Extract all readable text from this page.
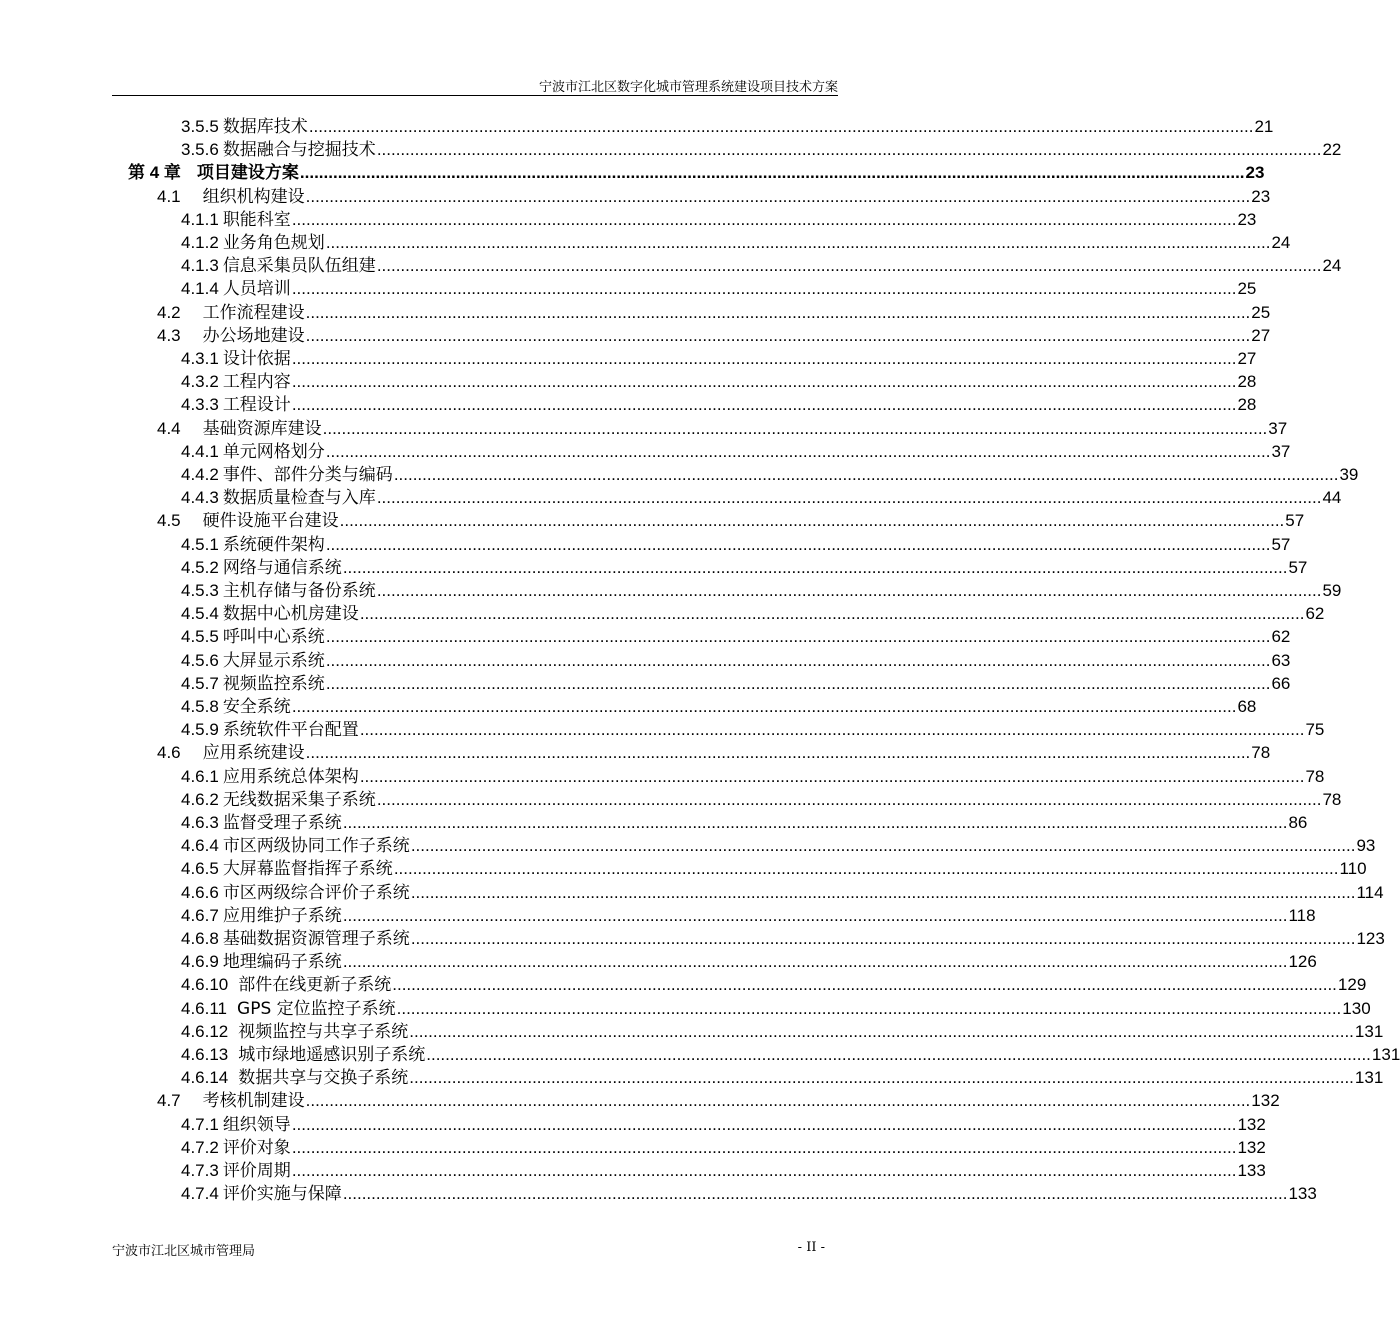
宁波市江北区数字化城市管理系统建设项目技术方案
3.5.5 数据库技术 ........................................................................................................................................................................................................ 21
3.5.6 数据融合与挖掘技术 ........................................................................................................................................................................................................ 22
第 4 章 项目建设方案 ........................................................................................................................................................................................................ 23
4.1 组织机构建设 ........................................................................................................................................................................................................ 23
4.1.1 职能科室 ........................................................................................................................................................................................................ 23
4.1.2 业务角色规划 ........................................................................................................................................................................................................ 24
4.1.3 信息采集员队伍组建 ........................................................................................................................................................................................................ 24
4.1.4 人员培训 ........................................................................................................................................................................................................ 25
4.2 工作流程建设 ........................................................................................................................................................................................................ 25
4.3 办公场地建设 ........................................................................................................................................................................................................ 27
4.3.1 设计依据 ........................................................................................................................................................................................................ 27
4.3.2 工程内容 ........................................................................................................................................................................................................ 28
4.3.3 工程设计 ........................................................................................................................................................................................................ 28
4.4 基础资源库建设 ........................................................................................................................................................................................................ 37
4.4.1 单元网格划分 ........................................................................................................................................................................................................ 37
4.4.2 事件、部件分类与编码 ........................................................................................................................................................................................................ 39
4.4.3 数据质量检查与入库 ........................................................................................................................................................................................................ 44
4.5 硬件设施平台建设 ........................................................................................................................................................................................................ 57
4.5.1 系统硬件架构 ........................................................................................................................................................................................................ 57
4.5.2 网络与通信系统 ........................................................................................................................................................................................................ 57
4.5.3 主机存储与备份系统 ........................................................................................................................................................................................................ 59
4.5.4 数据中心机房建设 ........................................................................................................................................................................................................ 62
4.5.5 呼叫中心系统 ........................................................................................................................................................................................................ 62
4.5.6 大屏显示系统 ........................................................................................................................................................................................................ 63
4.5.7 视频监控系统 ........................................................................................................................................................................................................ 66
4.5.8 安全系统 ........................................................................................................................................................................................................ 68
4.5.9 系统软件平台配置 ........................................................................................................................................................................................................ 75
4.6 应用系统建设 ........................................................................................................................................................................................................ 78
4.6.1 应用系统总体架构 ........................................................................................................................................................................................................ 78
4.6.2 无线数据采集子系统 ........................................................................................................................................................................................................ 78
4.6.3 监督受理子系统 ........................................................................................................................................................................................................ 86
4.6.4 市区两级协同工作子系统 ........................................................................................................................................................................................................ 93
4.6.5 大屏幕监督指挥子系统 ........................................................................................................................................................................................................ 110
4.6.6 市区两级综合评价子系统 ........................................................................................................................................................................................................ 114
4.6.7 应用维护子系统 ........................................................................................................................................................................................................ 118
4.6.8 基础数据资源管理子系统 ........................................................................................................................................................................................................ 123
4.6.9 地理编码子系统 ........................................................................................................................................................................................................ 126
4.6.10 部件在线更新子系统 ........................................................................................................................................................................................................ 129
4.6.11 GPS 定位监控子系统 ........................................................................................................................................................................................................ 130
4.6.12 视频监控与共享子系统 ........................................................................................................................................................................................................ 131
4.6.13 城市绿地遥感识别子系统 ........................................................................................................................................................................................................ 131
4.6.14 数据共享与交换子系统 ........................................................................................................................................................................................................ 131
4.7 考核机制建设 ........................................................................................................................................................................................................ 132
4.7.1 组织领导 ........................................................................................................................................................................................................ 132
4.7.2 评价对象 ........................................................................................................................................................................................................ 132
4.7.3 评价周期 ........................................................................................................................................................................................................ 133
4.7.4 评价实施与保障 ........................................................................................................................................................................................................ 133
宁波市江北区城市管理局	- II -
